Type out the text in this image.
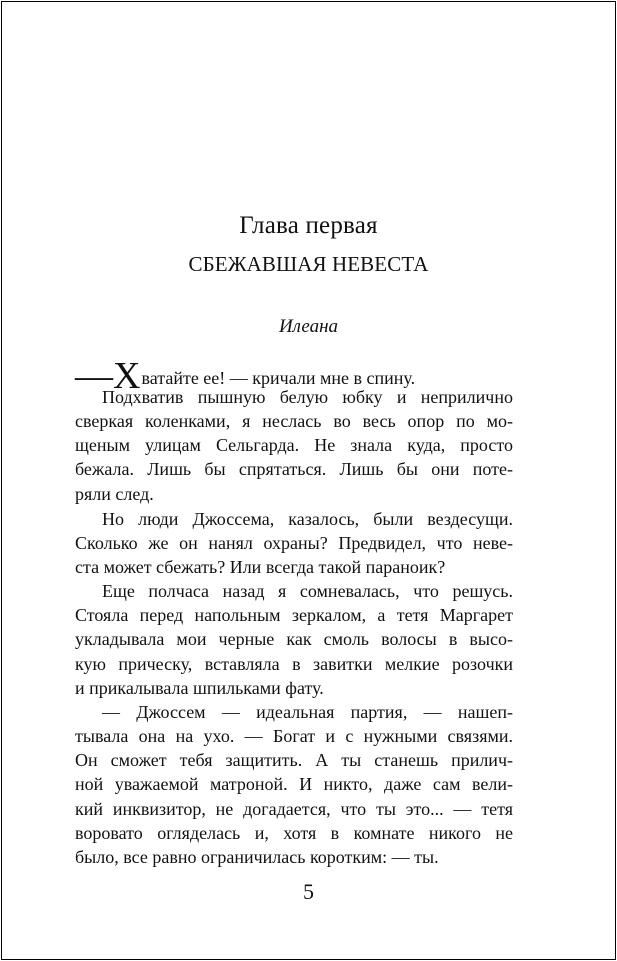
Глава первая
СБЕЖАВШАЯ НЕВЕСТА
Илеана
—Хватайте ее! — кричали мне в спину.
Подхватив пышную белую юбку и неприлично
сверкая коленками, я неслась во весь опор по мо-
щеным улицам Сельгарда. Не знала куда, просто
бежала. Лишь бы спрятаться. Лишь бы они поте-
ряли след.
Но люди Джоссема, казалось, были вездесущи.
Сколько же он нанял охраны? Предвидел, что неве-
ста может сбежать? Или всегда такой параноик?
Еще полчаса назад я сомневалась, что решусь.
Стояла перед напольным зеркалом, а тетя Маргарет
укладывала мои черные как смоль волосы в высо-
кую прическу, вставляла в завитки мелкие розочки
и прикалывала шпильками фату.
— Джоссем — идеальная партия, — нашеп-
тывала она на ухо. — Богат и с нужными связями.
Он сможет тебя защитить. А ты станешь прилич-
ной уважаемой матроной. И никто, даже сам вели-
кий инквизитор, не догадается, что ты это... — тетя
воровато огляделась и, хотя в комнате никого не
было, все равно ограничилась коротким: — ты.
5
